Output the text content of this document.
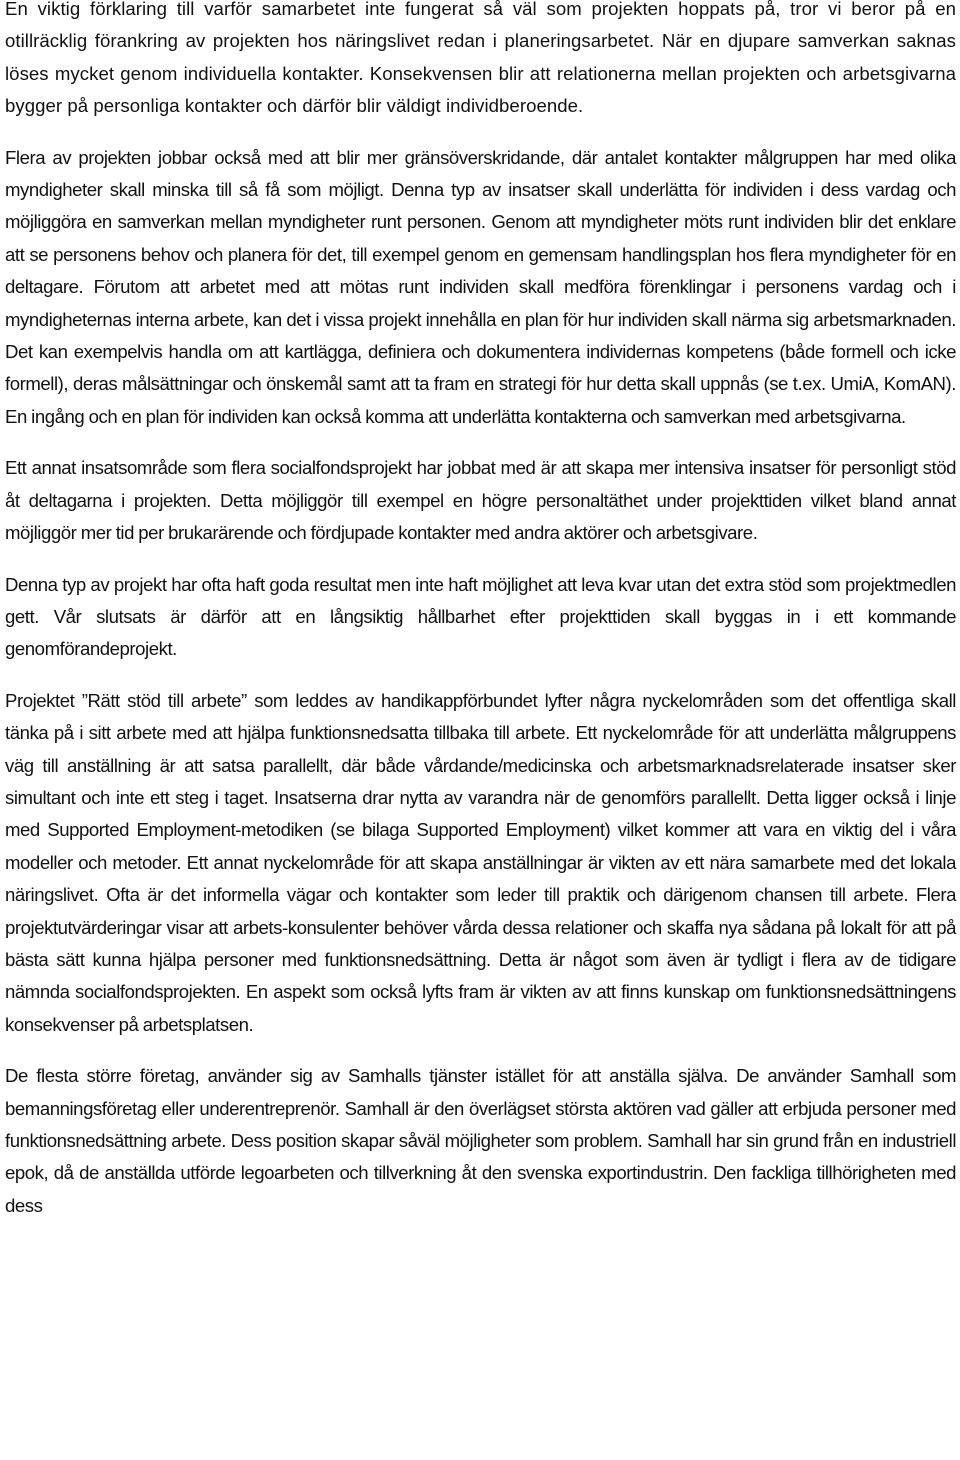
En viktig förklaring till varför samarbetet inte fungerat så väl som projekten hoppats på, tror vi beror på en otillräcklig förankring av projekten hos näringslivet redan i planeringsarbetet. När en djupare samverkan saknas löses mycket genom individuella kontakter. Konsekvensen blir att relationerna mellan projekten och arbetsgivarna bygger på personliga kontakter och därför blir väldigt individberoende.

Flera av projekten jobbar också med att blir mer gränsöverskridande, där antalet kontakter målgruppen har med olika myndigheter skall minska till så få som möjligt. Denna typ av insatser skall underlätta för individen i dess vardag och möjliggöra en samverkan mellan myndigheter runt personen. Genom att myndigheter möts runt individen blir det enklare att se personens behov och planera för det, till exempel genom en gemensam handlingsplan hos flera myndigheter för en deltagare. Förutom att arbetet med att mötas runt individen skall medföra förenklingar i personens vardag och i myndigheternas interna arbete, kan det i vissa projekt innehålla en plan för hur individen skall närma sig arbetsmarknaden. Det kan exempelvis handla om att kartlägga, definiera och dokumentera individernas kompetens (både formell och icke formell), deras målsättningar och önskemål samt att ta fram en strategi för hur detta skall uppnås (se t.ex. UmiA, KomAN). En ingång och en plan för individen kan också komma att underlätta kontakterna och samverkan med arbetsgivarna.

Ett annat insatsområde som flera socialfondsprojekt har jobbat med är att skapa mer intensiva insatser för personligt stöd åt deltagarna i projekten. Detta möjliggör till exempel en högre personaltäthet under projekttiden vilket bland annat möjliggör mer tid per brukarärende och fördjupade kontakter med andra aktörer och arbetsgivare.

Denna typ av projekt har ofta haft goda resultat men inte haft möjlighet att leva kvar utan det extra stöd som projektmedlen gett. Vår slutsats är därför att en långsiktig hållbarhet efter projekttiden skall byggas in i ett kommande genomförandeprojekt.

Projektet ”Rätt stöd till arbete” som leddes av handikappförbundet lyfter några nyckelområden som det offentliga skall tänka på i sitt arbete med att hjälpa funktionsnedsatta tillbaka till arbete. Ett nyckelområde för att underlätta målgruppens väg till anställning är att satsa parallellt, där både vårdande/medicinska och arbetsmarknadsrelaterade insatser sker simultant och inte ett steg i taget. Insatserna drar nytta av varandra när de genomförs parallellt. Detta ligger också i linje med Supported Employment-metodiken (se bilaga Supported Employment) vilket kommer att vara en viktig del i våra modeller och metoder. Ett annat nyckelområde för att skapa anställningar är vikten av ett nära samarbete med det lokala näringslivet. Ofta är det informella vägar och kontakter som leder till praktik och därigenom chansen till arbete. Flera projektutvärderingar visar att arbets-konsulenter behöver vårda dessa relationer och skaffa nya sådana på lokalt för att på bästa sätt kunna hjälpa personer med funktionsnedsättning. Detta är något som även är tydligt i flera av de tidigare nämnda socialfondsprojekten. En aspekt som också lyfts fram är vikten av att finns kunskap om funktionsnedsättningens konsekvenser på arbetsplatsen.

De flesta större företag, använder sig av Samhalls tjänster istället för att anställa själva. De använder Samhall som bemanningsföretag eller underentreprenör. Samhall är den överlägset största aktören vad gäller att erbjuda personer med funktionsnedsättning arbete. Dess position skapar såväl möjligheter som problem. Samhall har sin grund från en industriell epok, då de anställda utförde legoarbeten och tillverkning åt den svenska exportindustrin. Den fackliga tillhörigheten med dess
